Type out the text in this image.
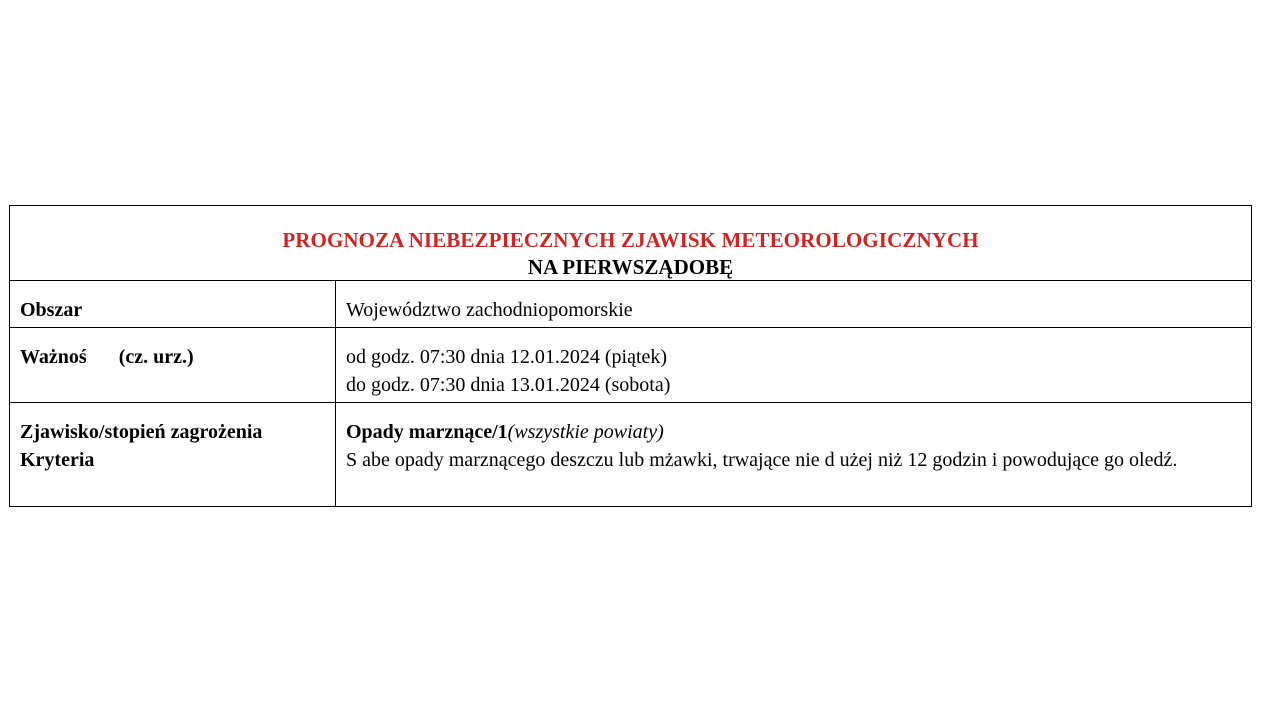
PROGNOZA NIEBEZPIECZNYCH ZJAWISK METEOROLOGICZNYCH
NA PIERWSZĄDOBĘ
Obszar	Województwo zachodniopomorskie
Ważnoś (cz. urz.)	od godz. 07:30 dnia 12.01.2024 (piątek)
do godz. 07:30 dnia 13.01.2024 (sobota)
Zjawisko/stopień zagrożenia
Kryteria
Opady marznące/1(wszystkie powiaty)
S abe opady marznącego deszczu lub mżawki, trwające nie d użej niż 12 godzin i powodujące go oledź.
